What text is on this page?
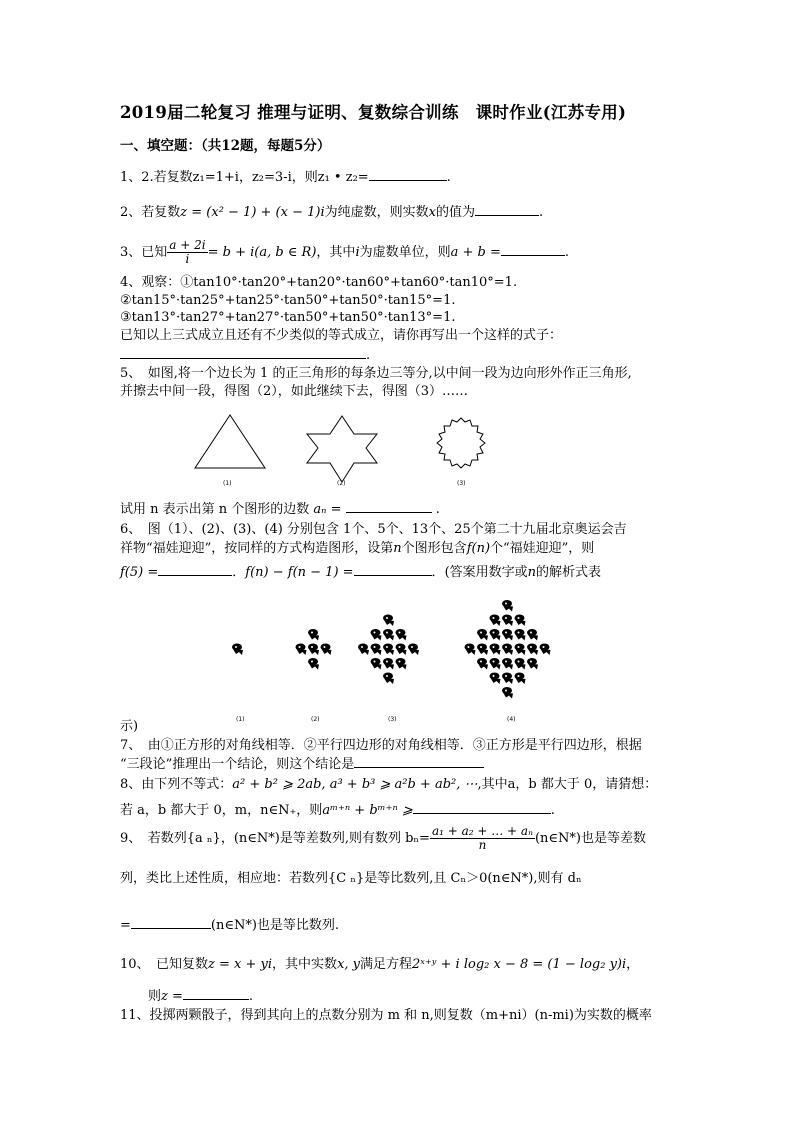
2019届二轮复习 推理与证明、复数综合训练　课时作业(江苏专用)
一、填空题：（共12题，每题5分）
1、2.若复数z₁=1+i，z₂=3-i，则z₁ • z₂=	.
2、若复数z = (x² − 1) + (x − 1)i为纯虚数，则实数x的值为	.
3、已知 $\frac{a + 2i}{i} = b + i(a$, b ∈ R)，其中i为虚数单位，则a + b =	.
4、观察：①tan10°·tan20°+tan20°·tan60°+tan60°·tan10°=1.
②tan15°·tan25°+tan25°·tan50°+tan50°·tan15°=1.
③tan13°·tan27°+tan27°·tan50°+tan50°·tan13°=1.
已知以上三式成立且还有不少类似的等式成立，请你再写出一个这样的式子：
.
5、　如图,将一个边长为 1 的正三角形的每条边三等分,以中间一段为边向形外作正三角形,
并擦去中间一段，得图（2），如此继续下去，得图（3）……
(1)	(2)	(3)
试用 n 表示出第 n 个图形的边数 aₙ =	.
6、　图（1）、(2)、(3)、(4) 分别包含 1个、5个、13个、25个第二十九届北京奥运会吉
祥物“福娃迎迎”，按同样的方式构造图形，设第n个图形包含f(n)个“福娃迎迎”，则
f(5) =	．f(n) − f(n − 1) =	．(答案用数字或n的解析式表
(1)	(2)	(3)	(4)
示)
7、　由①正方形的对角线相等．②平行四边形的对角线相等．③正方形是平行四边形，根据
“三段论”推理出一个结论，则这个结论是
8、由下列不等式：a² + b² ⩾ 2ab, a³ + b³ ⩾ a²b + ab², ⋯,其中a，b 都大于 0，请猜想：
若 a，b 都大于 0，m，n∈N₊，则aᵐ⁺ⁿ + bᵐ⁺ⁿ ⩾	.
9、　若数列{a ₙ}，(n∈N*)是等差数列,则有数列 $b_n= \frac{\text{a₁ + a₂ + … + aₙ}}{n}$ (n∈N*)也是等差数
列，类比上述性质，相应地：若数列{C ₙ}是等比数列,且 Cₙ＞0(n∈N*),则有 dₙ
=	(n∈N*)也是等比数列.
10、　已知复数z = x + yi，其中实数x, y满足方程2ˣ⁺ʸ + i log₂ x − 8 = (1 − log₂ y)i，
则z =	.
11、投掷两颗骰子，得到其向上的点数分别为 m 和 n,则复数（m+ni）(n-mi)为实数的概率
